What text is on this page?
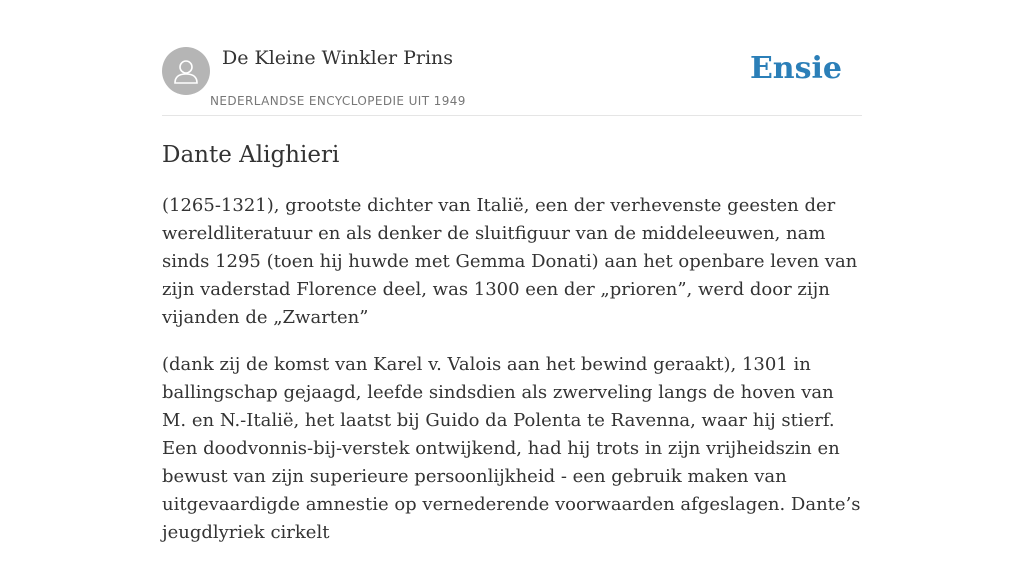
De Kleine Winkler Prins
NEDERLANDSE ENCYCLOPEDIE UIT 1949
Ensie
Dante Alighieri

(1265-1321), grootste dichter van Italië, een der verhevenste geesten der wereldliteratuur en als denker de sluitfiguur van de middeleeuwen, nam sinds 1295 (toen hij huwde met Gemma Donati) aan het openbare leven van zijn vaderstad Florence deel, was 1300 een der „prioren”, werd door zijn vijanden de „Zwarten”

(dank zij de komst van Karel v. Valois aan het bewind geraakt), 1301 in ballingschap gejaagd, leefde sindsdien als zwerveling langs de hoven van M. en N.-Italië, het laatst bij Guido da Polenta te Ravenna, waar hij stierf. Een doodvonnis-bij-verstek ontwijkend, had hij trots in zijn vrijheidszin en bewust van zijn superieure persoonlijkheid - een gebruik maken van uitgevaardigde amnestie op vernederende voorwaarden afgeslagen. Dante’s jeugdlyriek cirkelt
